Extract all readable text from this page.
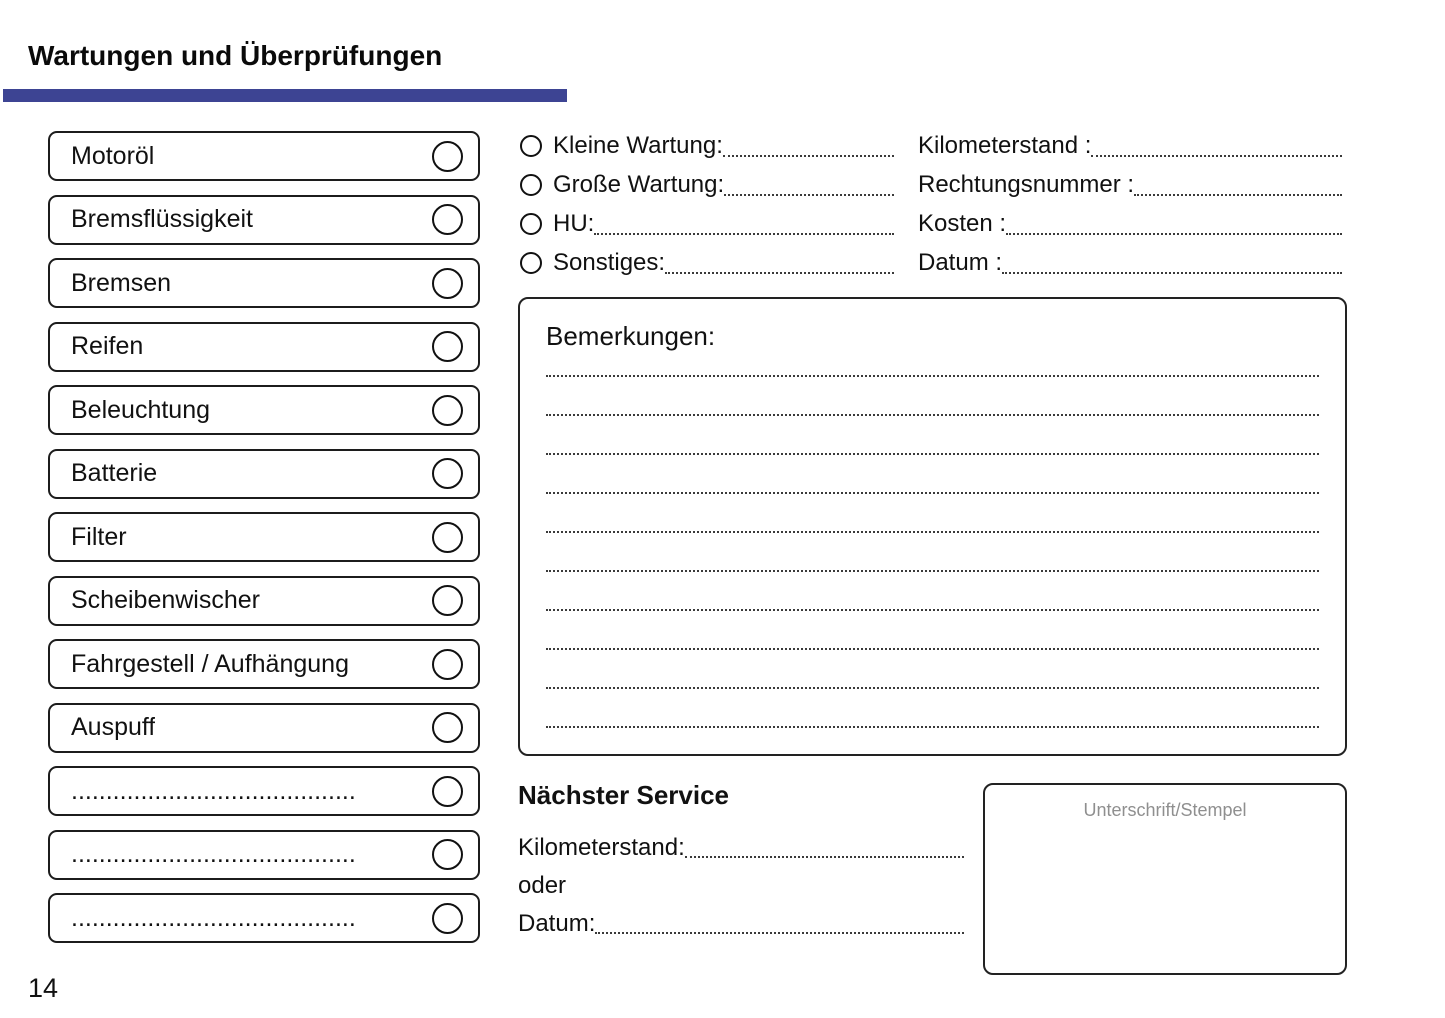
Wartungen und Überprüfungen
Motoröl
Bremsflüssigkeit
Bremsen
Reifen
Beleuchtung
Batterie
Filter
Scheibenwischer
Fahrgestell / Aufhängung
Auspuff
.........................................
.........................................
.........................................
Kleine Wartung:
Große Wartung:
HU:
Sonstiges:
Kilometerstand :
Rechtungsnummer :
Kosten :
Datum :
Bemerkungen:
Nächster Service
Kilometerstand:
oder
Datum:
Unterschrift/Stempel
14
